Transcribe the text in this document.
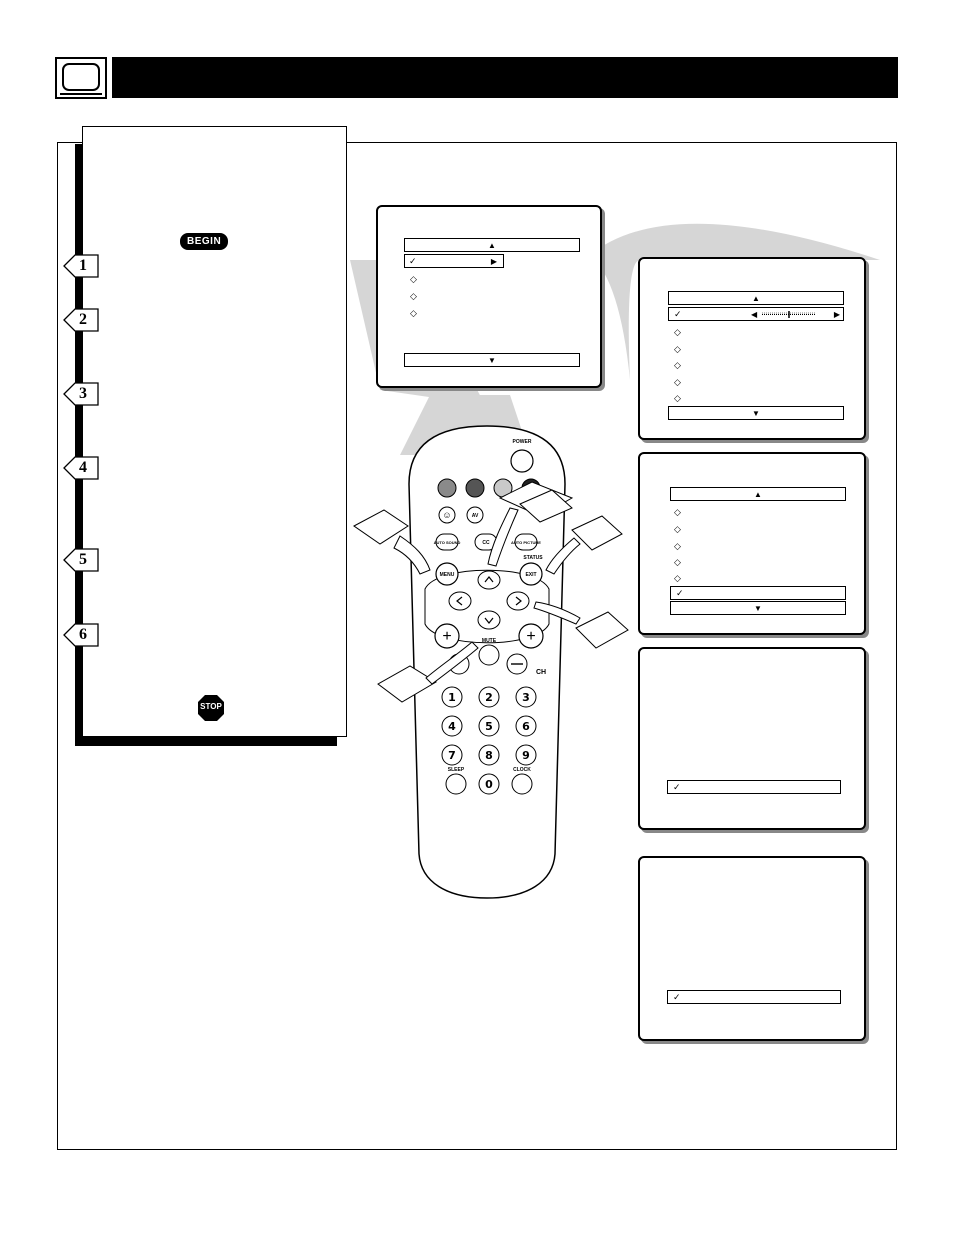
BEGIN
1
2
3
4
5
6
STOP
▲
✓	▶
◇
◇
◇
▼
▲
✓	◀	▶
◇
◇
◇
◇
◇
▼
▲
◇
◇
◇
◇
◇
✓
▼
✓
✓
POWER
☺	AV
AUTO SOUND	CC	AUTO PICTURE
STATUS
MENU	EXIT
+	+
MUTE
CH
1	2	3
4	5	6
7	8	9
0
SLEEP	CLOCK
